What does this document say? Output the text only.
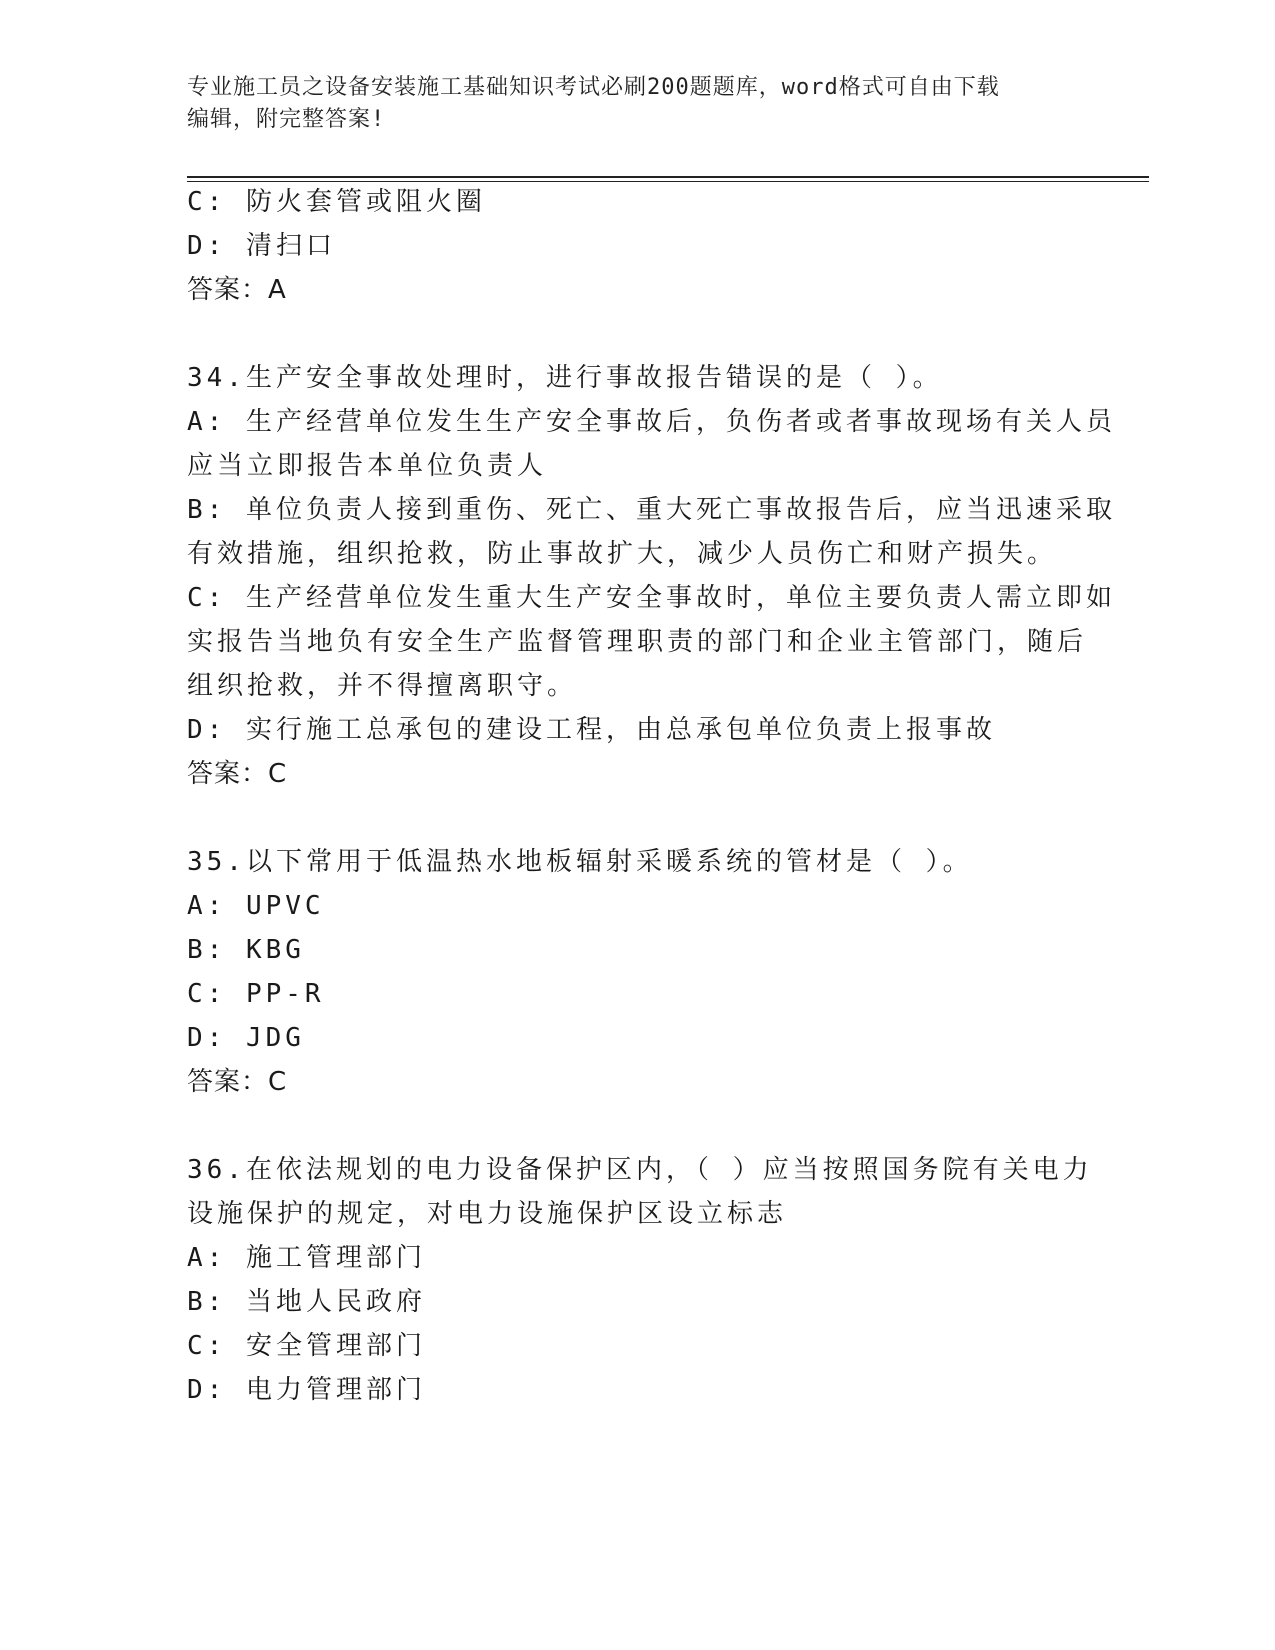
专业施工员之设备安装施工基础知识考试必刷200题题库，word格式可自由下载
编辑，附完整答案!
C: 防火套管或阻火圈
D: 清扫口
答案：A
34.生产安全事故处理时，进行事故报告错误的是（ ）。
A: 生产经营单位发生生产安全事故后，负伤者或者事故现场有关人员
应当立即报告本单位负责人
B: 单位负责人接到重伤、死亡、重大死亡事故报告后，应当迅速采取
有效措施，组织抢救，防止事故扩大，减少人员伤亡和财产损失。
C: 生产经营单位发生重大生产安全事故时，单位主要负责人需立即如
实报告当地负有安全生产监督管理职责的部门和企业主管部门，随后
组织抢救，并不得擅离职守。
D: 实行施工总承包的建设工程，由总承包单位负责上报事故
答案：C
35.以下常用于低温热水地板辐射采暖系统的管材是（ ）。
A: UPVC
B: KBG
C: PP-R
D: JDG
答案：C
36.在依法规划的电力设备保护区内，（ ）应当按照国务院有关电力
设施保护的规定，对电力设施保护区设立标志
A: 施工管理部门
B: 当地人民政府
C: 安全管理部门
D: 电力管理部门
